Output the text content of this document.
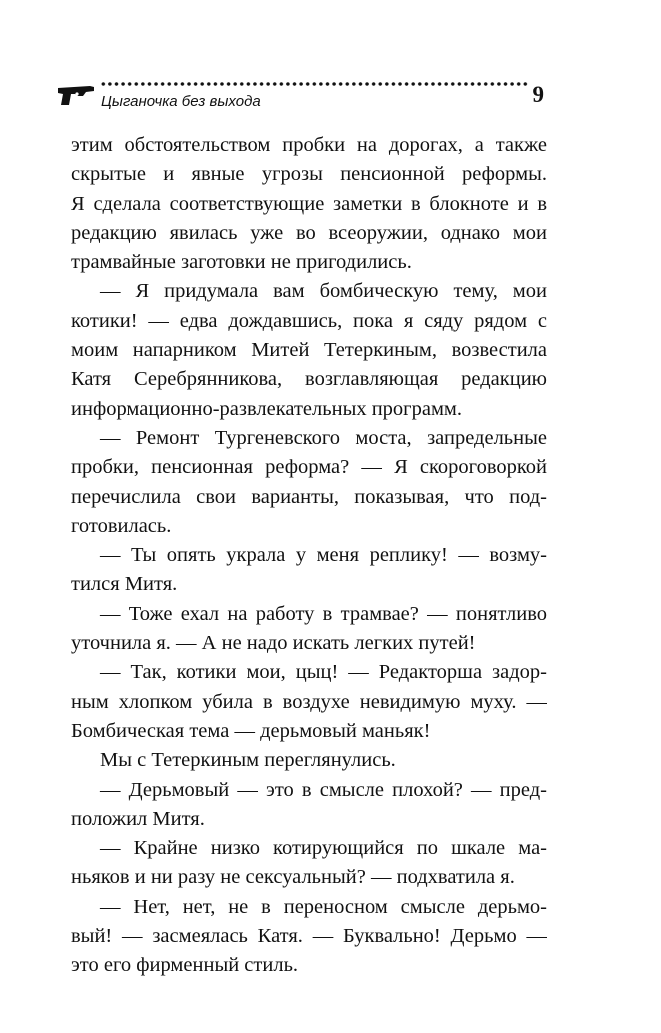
Цыганочка без выхода	9
этим обстоятельством пробки на дорогах, а также
скрытые и явные угрозы пенсионной реформы.
Я сделала соответствующие заметки в блокноте и в
редакцию явилась уже во всеоружии, однако мои
трамвайные заготовки не пригодились.
— Я придумала вам бомбическую тему, мои
котики! — едва дождавшись, пока я сяду рядом с
моим напарником Митей Тетеркиным, возвестила
Катя Серебрянникова, возглавляющая редакцию
информационно-развлекательных программ.
— Ремонт Тургеневского моста, запредельные
пробки, пенсионная реформа? — Я скороговоркой
перечислила свои варианты, показывая, что под-
готовилась.
— Ты опять украла у меня реплику! — возму-
тился Митя.
— Тоже ехал на работу в трамвае? — понятливо
уточнила я. — А не надо искать легких путей!
— Так, котики мои, цыц! — Редакторша задор-
ным хлопком убила в воздухе невидимую муху. —
Бомбическая тема — дерьмовый маньяк!
Мы с Тетеркиным переглянулись.
— Дерьмовый — это в смысле плохой? — пред-
положил Митя.
— Крайне низко котирующийся по шкале ма-
ньяков и ни разу не сексуальный? — подхватила я.
— Нет, нет, не в переносном смысле дерьмо-
вый! — засмеялась Катя. — Буквально! Дерьмо —
это его фирменный стиль.
